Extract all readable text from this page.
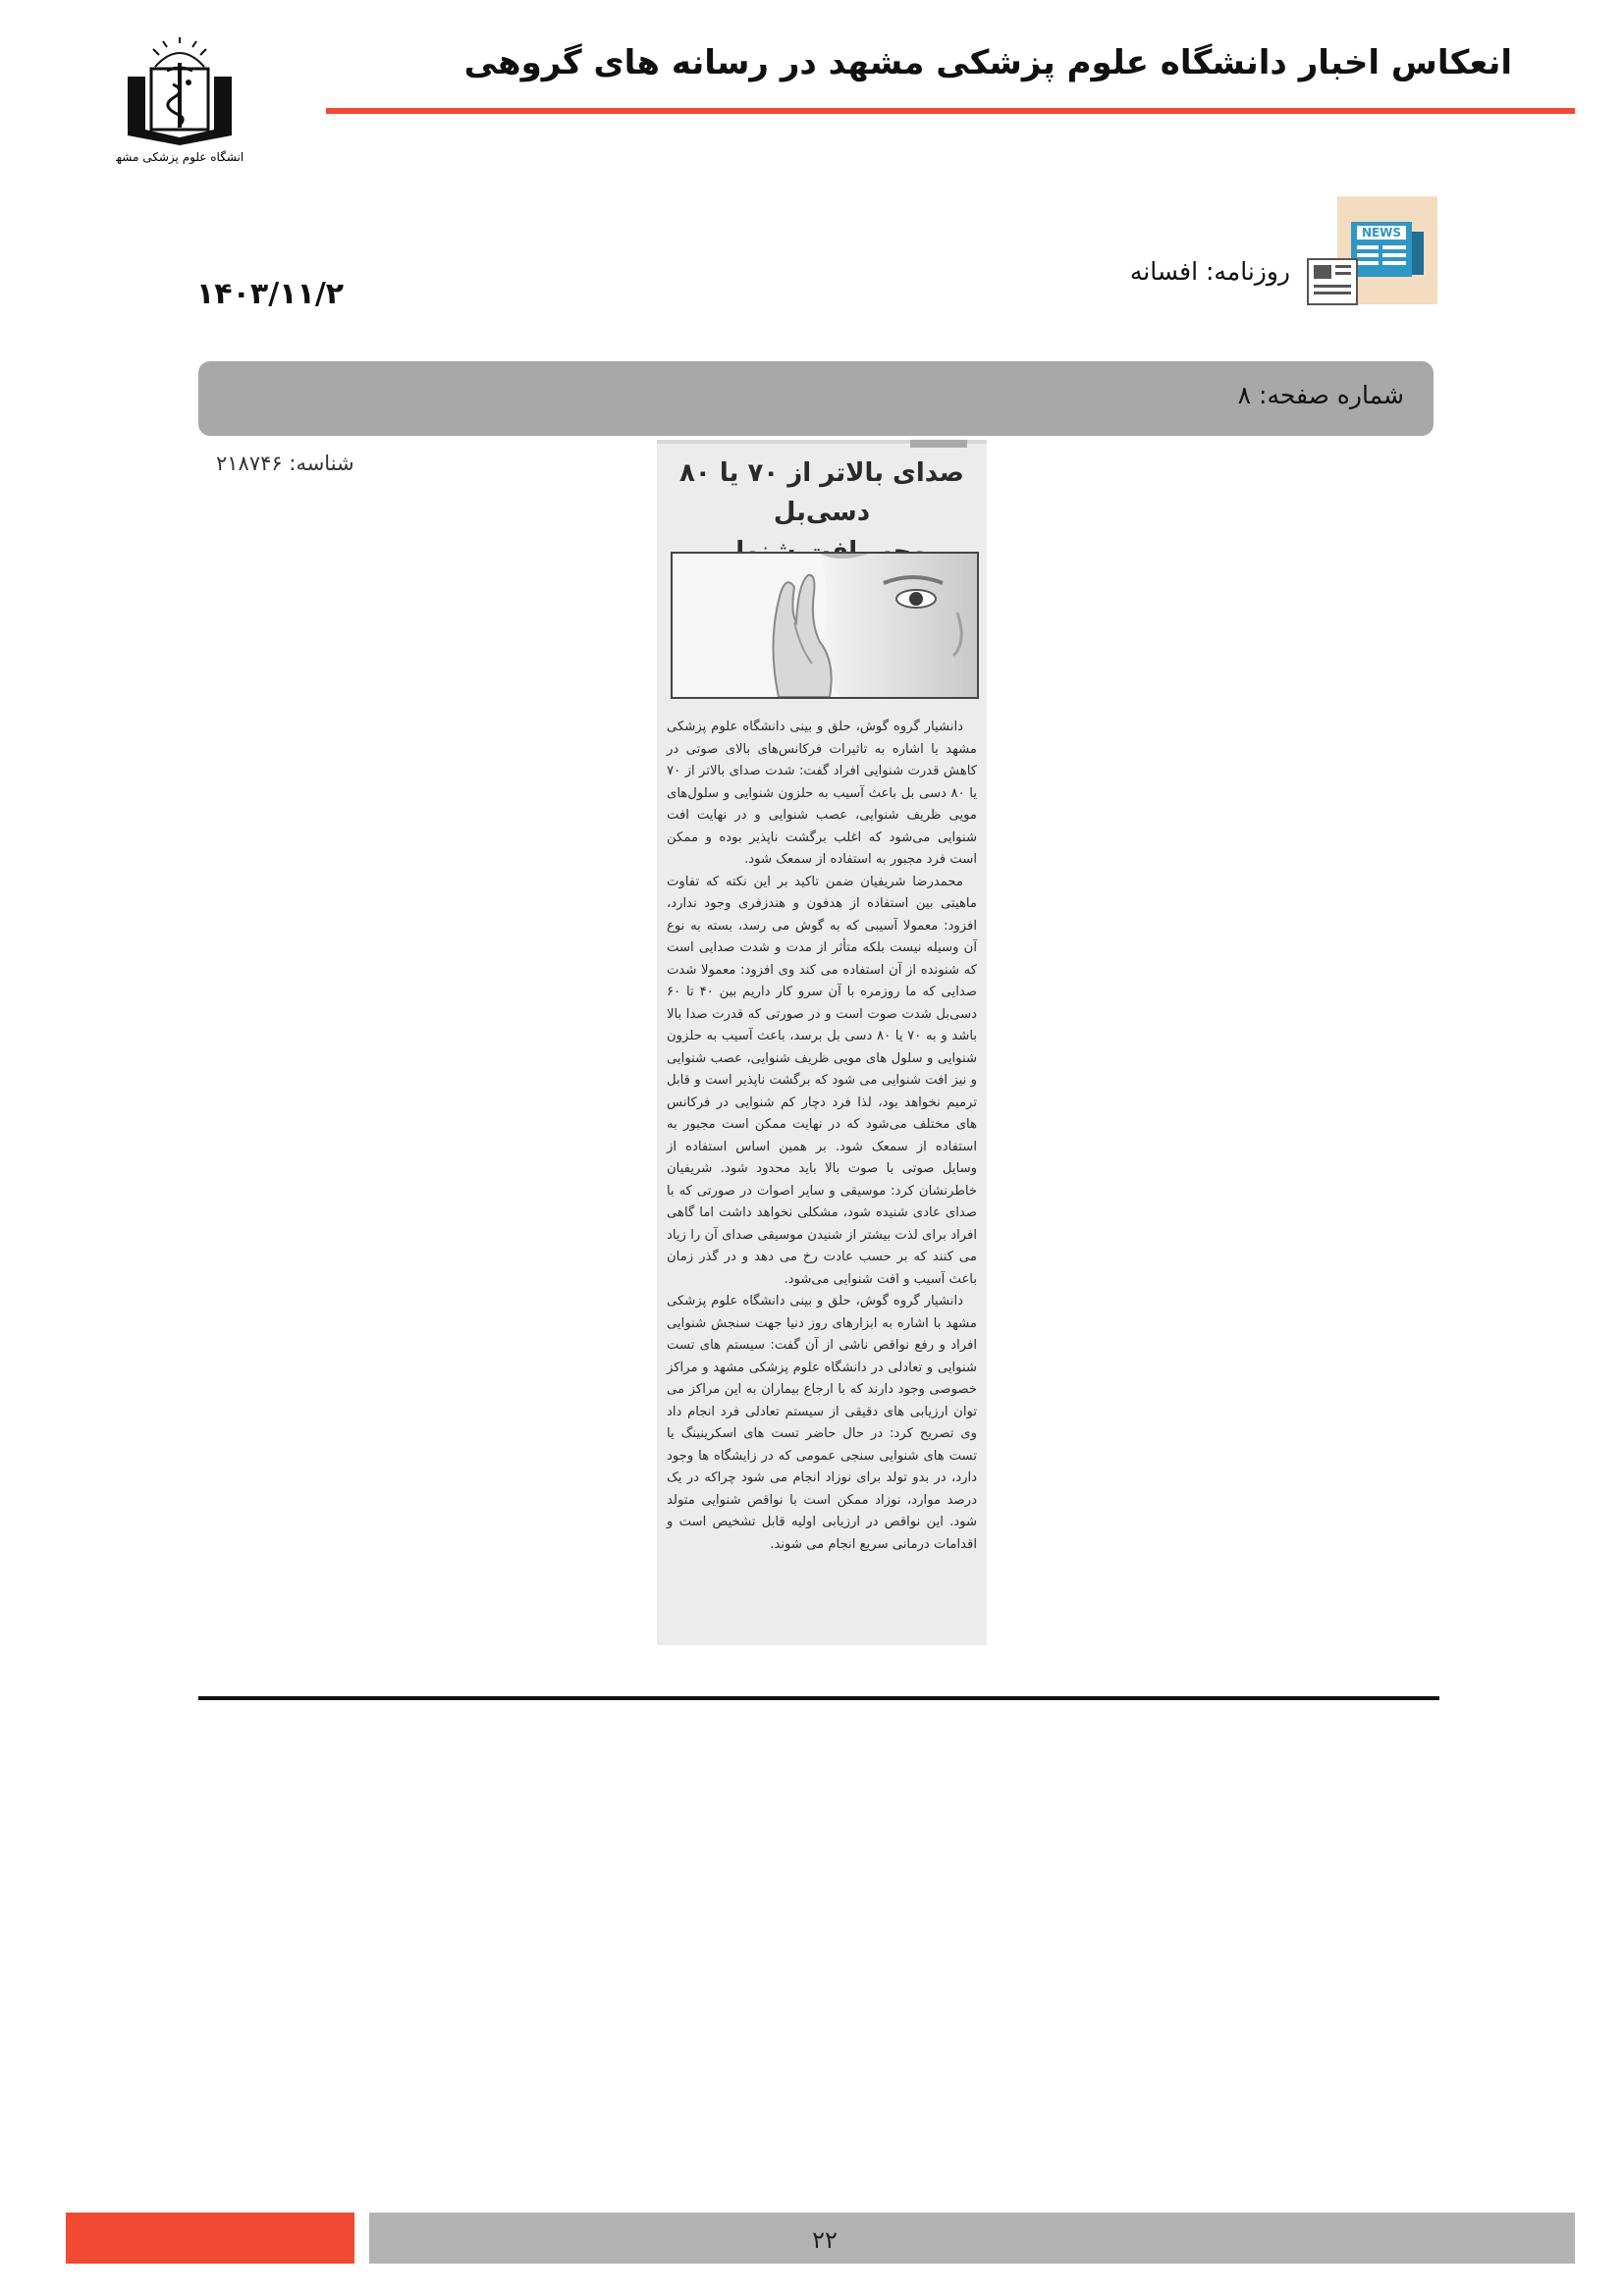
دانشگاه علوم پزشکی مشهد
انعکاس اخبار دانشگاه علوم پزشکی مشهد در رسانه های گروهی
NEWS
روزنامه: افسانه
۱۴۰۳/۱۱/۲
شماره صفحه: ۸
شناسه: ۲۱۸۷۴۶	صدای بالاتر از ۷۰ یا ۸۰ دسی‌بل

دانشیار گروه گوش، حلق و بینی دانشگاه علوم پزشکی مشهد با اشاره به تاثیرات فرکانس‌های بالای صوتی در کاهش قدرت شنوایی افراد گفت: شدت صدای بالاتر از ۷۰ یا ۸۰ دسی بل باعث آسیب به حلزون شنوایی و سلول‌های مویی ظریف شنوایی، عصب شنوایی و در نهایت افت شنوایی می‌شود که اغلب برگشت ناپذیر بوده و ممکن است فرد مجبور به استفاده از سمعک شود.

محمدرضا شریفیان ضمن تاکید بر این نکته که تفاوت ماهیتی بین استفاده از هدفون و هندزفری وجود ندارد، افزود: معمولا آسیبی که به گوش می رسد، بسته به نوع آن وسیله نیست بلکه متأثر از مدت و شدت صدایی است که شنونده از آن استفاده می کند وی افزود: معمولا شدت صدایی که ما روزمره با آن سرو کار داریم بین ۴۰ تا ۶۰ دسی‌بل شدت صوت است و در صورتی که قدرت صدا بالا باشد و به ۷۰ یا ۸۰ دسی بل برسد، باعث آسیب به حلزون شنوایی و سلول های مویی ظریف شنوایی، عصب شنوایی و نیز افت شنوایی می شود که برگشت ناپذیر است و قابل ترمیم نخواهد بود، لذا فرد دچار کم شنوایی در فرکانس های مختلف می‌شود که در نهایت ممکن است مجبور به استفاده از سمعک شود. بر همین اساس استفاده از وسایل صوتی با صوت بالا باید محدود شود. شریفیان خاطرنشان کرد: موسیقی و سایر اصوات در صورتی که با صدای عادی شنیده شود، مشکلی نخواهد داشت اما گاهی افراد برای لذت بیشتر از شنیدن موسیقی صدای آن را زیاد می کنند که بر حسب عادت رخ می دهد و در گذر زمان باعث آسیب و افت شنوایی می‌شود.

دانشیار گروه گوش، حلق و بینی دانشگاه علوم پزشکی مشهد با اشاره به ابزارهای روز دنیا جهت سنجش شنوایی افراد و رفع نواقص ناشی از آن گفت: سیستم های تست شنوایی و تعادلی در دانشگاه علوم پزشکی مشهد و مراکز خصوصی وجود دارند که با ارجاع بیماران به این مراکز می توان ارزیابی های دقیقی از سیستم تعادلی فرد انجام داد وی تصریح کرد: در حال حاضر تست های اسکرینینگ یا تست های شنوایی سنجی عمومی که در زایشگاه ها وجود دارد، در بدو تولد برای نوزاد انجام می شود چراکه در یک درصد موارد، نوزاد ممکن است با نواقص شنوایی متولد شود. این نواقص در ارزیابی اولیه قابل تشخیص است و اقدامات درمانی سریع انجام می شوند.

۲۲
